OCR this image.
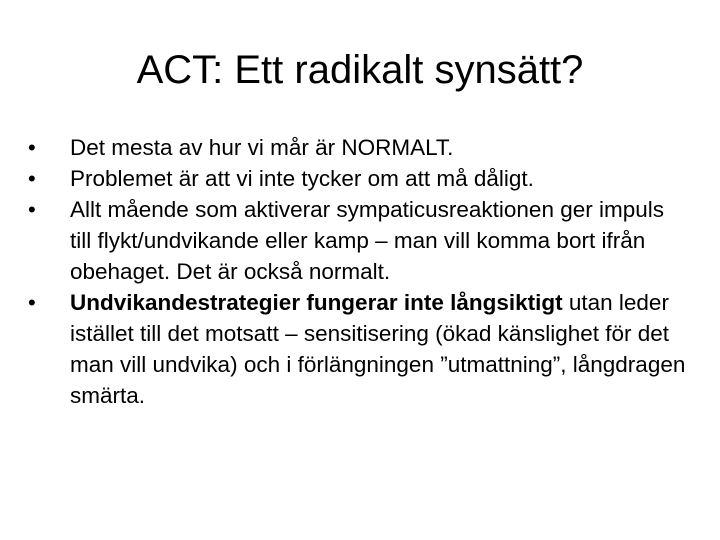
ACT: Ett radikalt synsätt?
•	Det mesta av hur vi mår är NORMALT.
•	Problemet är att vi inte tycker om att må dåligt.
•	Allt mående som aktiverar sympaticusreaktionen ger impuls till flykt/undvikande eller kamp – man vill komma bort ifrån obehaget. Det är också normalt.
•	Undvikandestrategier fungerar inte långsiktigt utan leder istället till det motsatt – sensitisering (ökad känslighet för det man vill undvika) och i förlängningen ”utmattning”, långdragen smärta.
